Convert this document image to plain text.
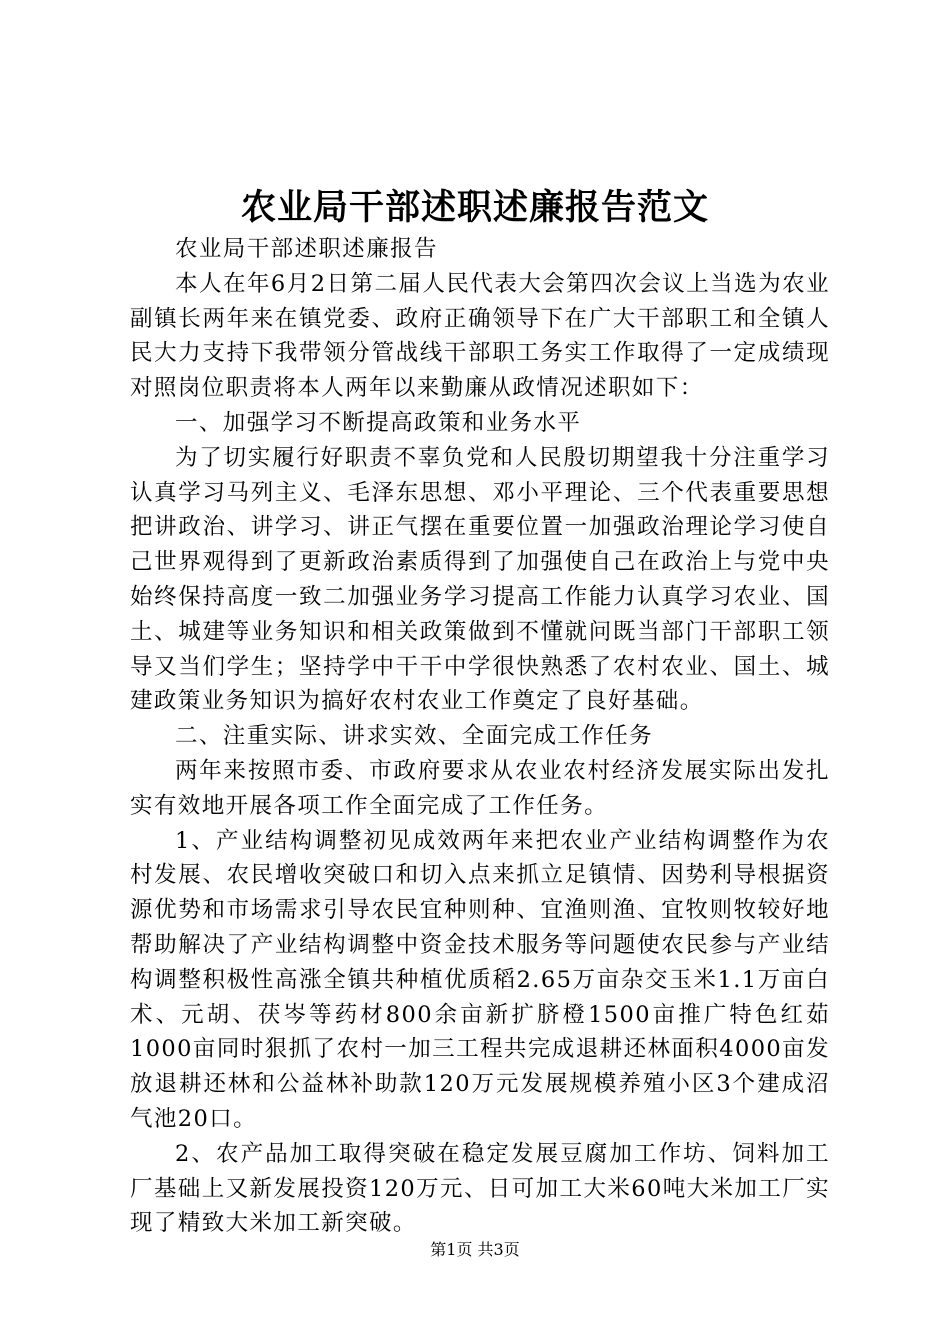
农业局干部述职述廉报告范文

农业局干部述职述廉报告

本人在年6月2日第二届人民代表大会第四次会议上当选为农业副镇长两年来在镇党委、政府正确领导下在广大干部职工和全镇人民大力支持下我带领分管战线干部职工务实工作取得了一定成绩现对照岗位职责将本人两年以来勤廉从政情况述职如下：

一、加强学习不断提高政策和业务水平

为了切实履行好职责不辜负党和人民殷切期望我十分注重学习认真学习马列主义、毛泽东思想、邓小平理论、三个代表重要思想把讲政治、讲学习、讲正气摆在重要位置一加强政治理论学习使自己世界观得到了更新政治素质得到了加强使自己在政治上与党中央始终保持高度一致二加强业务学习提高工作能力认真学习农业、国土、城建等业务知识和相关政策做到不懂就问既当部门干部职工领导又当们学生；坚持学中干干中学很快熟悉了农村农业、国土、城建政策业务知识为搞好农村农业工作奠定了良好基础。

二、注重实际、讲求实效、全面完成工作任务

两年来按照市委、市政府要求从农业农村经济发展实际出发扎实有效地开展各项工作全面完成了工作任务。

1、产业结构调整初见成效两年来把农业产业结构调整作为农村发展、农民增收突破口和切入点来抓立足镇情、因势利导根据资源优势和市场需求引导农民宜种则种、宜渔则渔、宜牧则牧较好地帮助解决了产业结构调整中资金技术服务等问题使农民参与产业结构调整积极性高涨全镇共种植优质稻2.65万亩杂交玉米1.1万亩白术、元胡、茯岑等药材800余亩新扩脐橙1500亩推广特色红茹1000亩同时狠抓了农村一加三工程共完成退耕还林面积4000亩发放退耕还林和公益林补助款120万元发展规模养殖小区3个建成沼气池20口。

2、农产品加工取得突破在稳定发展豆腐加工作坊、饲料加工厂基础上又新发展投资120万元、日可加工大米60吨大米加工厂实现了精致大米加工新突破。

第1页 共3页
